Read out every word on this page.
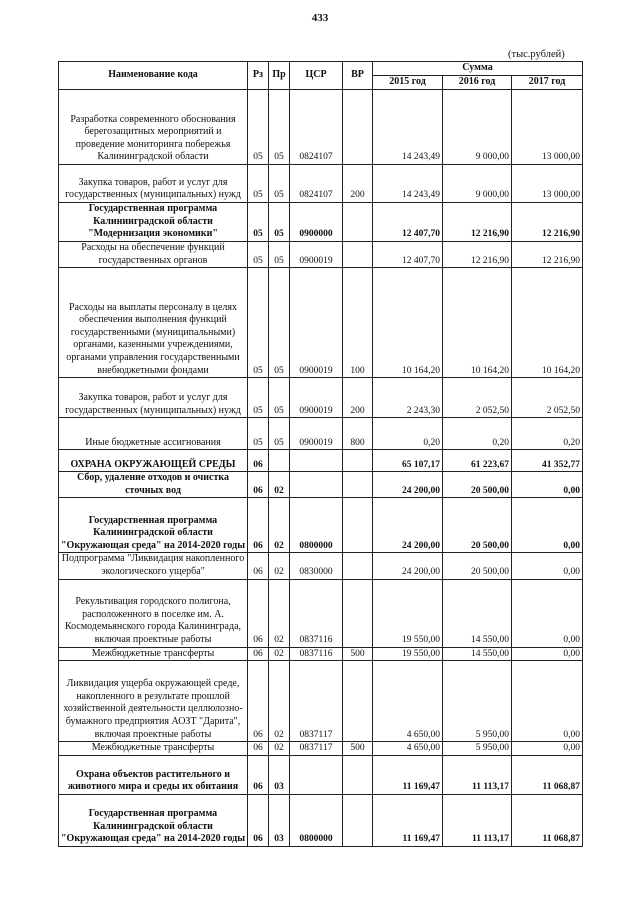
433
(тыс.рублей)
Наименование кода	Рз	Пр	ЦСР	ВР	Сумма		
					2015 год	2016 год	2017 год
Разработка современного обоснования берегозащитных мероприятий и проведение мониторинга побережья Калининградской области	05	05	0824107		14 243,49	9 000,00	13 000,00
Закупка товаров, работ и услуг для государственных (муниципальных) нужд	05	05	0824107	200	14 243,49	9 000,00	13 000,00
Государственная программа Калининградской области "Модернизация экономики"	05	05	0900000		12 407,70	12 216,90	12 216,90
Расходы на обеспечение функций государственных органов	05	05	0900019		12 407,70	12 216,90	12 216,90
Расходы на выплаты персоналу в целях обеспечения выполнения функций государственными (муниципальными) органами, казенными учреждениями, органами управления государственными внебюджетными фондами	05	05	0900019	100	10 164,20	10 164,20	10 164,20
Закупка товаров, работ и услуг для государственных (муниципальных) нужд	05	05	0900019	200	2 243,30	2 052,50	2 052,50
Иные бюджетные ассигнования	05	05	0900019	800	0,20	0,20	0,20
ОХРАНА ОКРУЖАЮЩЕЙ СРЕДЫ	06				65 107,17	61 223,67	41 352,77
Сбор, удаление отходов и очистка сточных вод	06	02			24 200,00	20 500,00	0,00
Государственная программа Калининградской области "Окружающая среда" на 2014-2020 годы	06	02	0800000		24 200,00	20 500,00	0,00
Подпрограмма "Ликвидация накопленного экологического ущерба"	06	02	0830000		24 200,00	20 500,00	0,00
Рекультивация городского полигона, расположенного в поселке им. А. Космодемьянского города Калининграда, включая проектные работы	06	02	0837116		19 550,00	14 550,00	0,00
Межбюджетные трансферты	06	02	0837116	500	19 550,00	14 550,00	0,00
Ликвидация ущерба окружающей среде, накопленного в результате прошлой хозяйственной деятельности целлюлозно-бумажного предприятия АОЗТ "Дарита", включая проектные работы	06	02	0837117		4 650,00	5 950,00	0,00
Межбюджетные трансферты	06	02	0837117	500	4 650,00	5 950,00	0,00
Охрана объектов растительного и животного мира и среды их обитания	06	03			11 169,47	11 113,17	11 068,87
Государственная программа Калининградской области "Окружающая среда" на 2014-2020 годы	06	03	0800000		11 169,47	11 113,17	11 068,87
